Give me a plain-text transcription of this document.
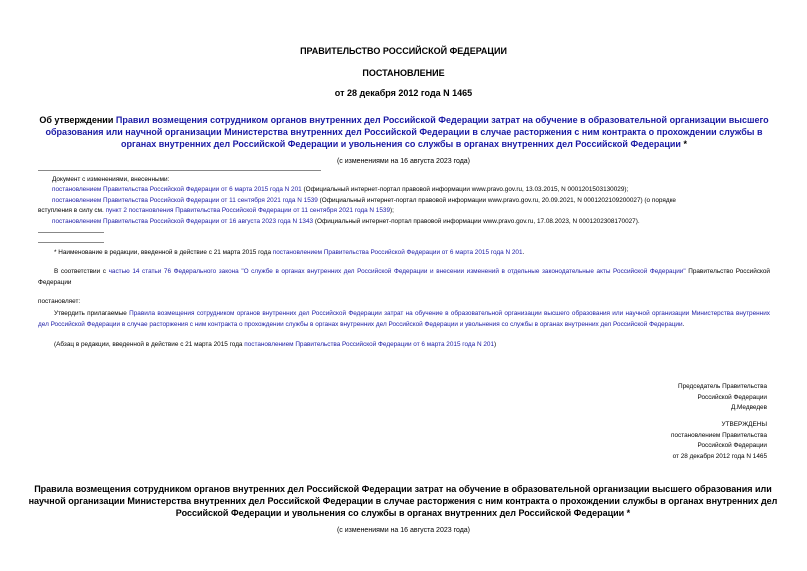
ПРАВИТЕЛЬСТВО РОССИЙСКОЙ ФЕДЕРАЦИИ
ПОСТАНОВЛЕНИЕ
от 28 декабря 2012 года N 1465
Об утверждении Правил возмещения сотрудником органов внутренних дел Российской Федерации затрат на обучение в образовательной организации высшего образования или научной организации Министерства внутренних дел Российской Федерации в случае расторжения с ним контракта о прохождении службы в органах внутренних дел Российской Федерации и увольнения со службы в органах внутренних дел Российской Федерации *
(с изменениями на 16 августа 2023 года)
Документ с изменениями, внесенными:
постановлением Правительства Российской Федерации от 6 марта 2015 года N 201 (Официальный интернет-портал правовой информации www.pravo.gov.ru, 13.03.2015, N 0001201503130029);
постановлением Правительства Российской Федерации от 11 сентября 2021 года N 1539 (Официальный интернет-портал правовой информации www.pravo.gov.ru, 20.09.2021, N 0001202109200027) (о порядке
вступления в силу см. пункт 2 постановления Правительства Российской Федерации от 11 сентября 2021 года N 1539);
постановлением Правительства Российской Федерации от 16 августа 2023 года N 1343 (Официальный интернет-портал правовой информации www.pravo.gov.ru, 17.08.2023, N 0001202308170027).
* Наименование в редакции, введенной в действие с 21 марта 2015 года постановлением Правительства Российской Федерации от 6 марта 2015 года N 201.
В соответствии с частью 14 статьи 76 Федерального закона "О службе в органах внутренних дел Российской Федерации и внесении изменений в отдельные законодательные акты Российской Федерации" Правительство Российской Федерации
постановляет:
Утвердить прилагаемые Правила возмещения сотрудником органов внутренних дел Российской Федерации затрат на обучение в образовательной организации высшего образования или научной организации Министерства внутренних дел Российской Федерации в случае расторжения с ним контракта о прохождении службы в органах внутренних дел Российской Федерации и увольнения со службы в органах внутренних дел Российской Федерации.
(Абзац в редакции, введенной в действие с 21 марта 2015 года постановлением Правительства Российской Федерации от 6 марта 2015 года N 201)
Председатель Правительства
Российской Федерации
Д.Медведев
УТВЕРЖДЕНЫ
постановлением Правительства
Российской Федерации
от 28 декабря 2012 года N 1465
Правила возмещения сотрудником органов внутренних дел Российской Федерации затрат на обучение в образовательной организации высшего образования или научной организации Министерства внутренних дел Российской Федерации в случае расторжения с ним контракта о прохождении службы в органах внутренних дел Российской Федерации и увольнения со службы в органах внутренних дел Российской Федерации *
(с изменениями на 16 августа 2023 года)
